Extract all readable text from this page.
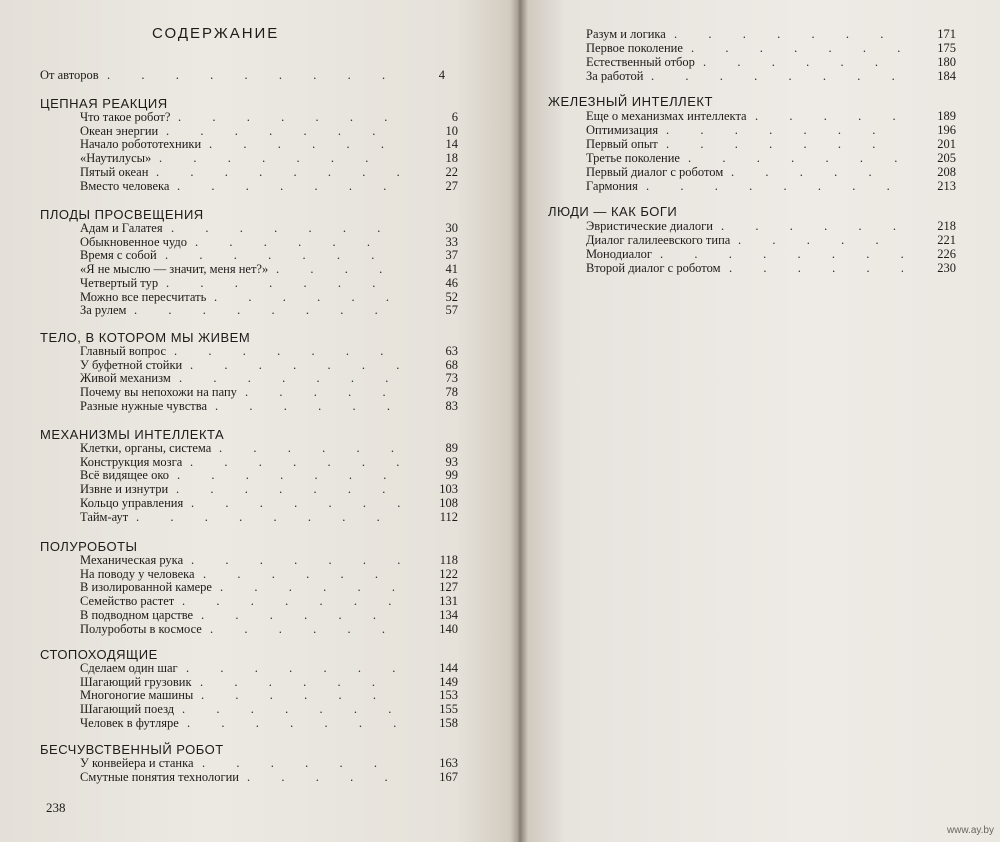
СОДЕРЖАНИЕ
От авторов .	4
ЦЕПНАЯ РЕАКЦИЯ
Что такое робот? .	6
Океан энергии .	10
Начало робототехники .	14
«Наутилусы» .	18
Пятый океан .	22
Вместо человека .	27
ПЛОДЫ ПРОСВЕЩЕНИЯ
Адам и Галатея .	30
Обыкновенное чудо .	33
Время с собой .	37
«Я не мыслю — значит, меня нет?» .	41
Четвертый тур .	46
Можно все пересчитать .	52
За рулем .	57
ТЕЛО, В КОТОРОМ МЫ ЖИВЕМ
Главный вопрос .	63
У буфетной стойки .	68
Живой механизм .	73
Почему вы непохожи на папу .	78
Разные нужные чувства .	83
МЕХАНИЗМЫ ИНТЕЛЛЕКТА
Клетки, органы, система .	89
Конструкция мозга .	93
Всё видящее око .	99
Извне и изнутри .	103
Кольцо управления .	108
Тайм-аут .	112
ПОЛУРОБОТЫ
Механическая рука .	118
На поводу у человека .	122
В изолированной камере .	127
Семейство растет .	131
В подводном царстве .	134
Полуроботы в космосе .	140
СТОПОХОДЯЩИЕ
Сделаем один шаг .	144
Шагающий грузовик .	149
Многоногие машины .	153
Шагающий поезд .	155
Человек в футляре .	158
БЕСЧУВСТВЕННЫЙ РОБОТ
У конвейера и станка .	163
Смутные понятия технологии .	167
238
Разум и логика .	171
Первое поколение .	175
Естественный отбор .	180
За работой .	184
ЖЕЛЕЗНЫЙ ИНТЕЛЛЕКТ
Еще о механизмах интеллекта .	189
Оптимизация .	196
Первый опыт .	201
Третье поколение .	205
Первый диалог с роботом .	208
Гармония .	213
ЛЮДИ — КАК БОГИ
Эвристические диалоги .	218
Диалог галилеевского типа .	221
Монодиалог .	226
Второй диалог с роботом .	230
www.ay.by
